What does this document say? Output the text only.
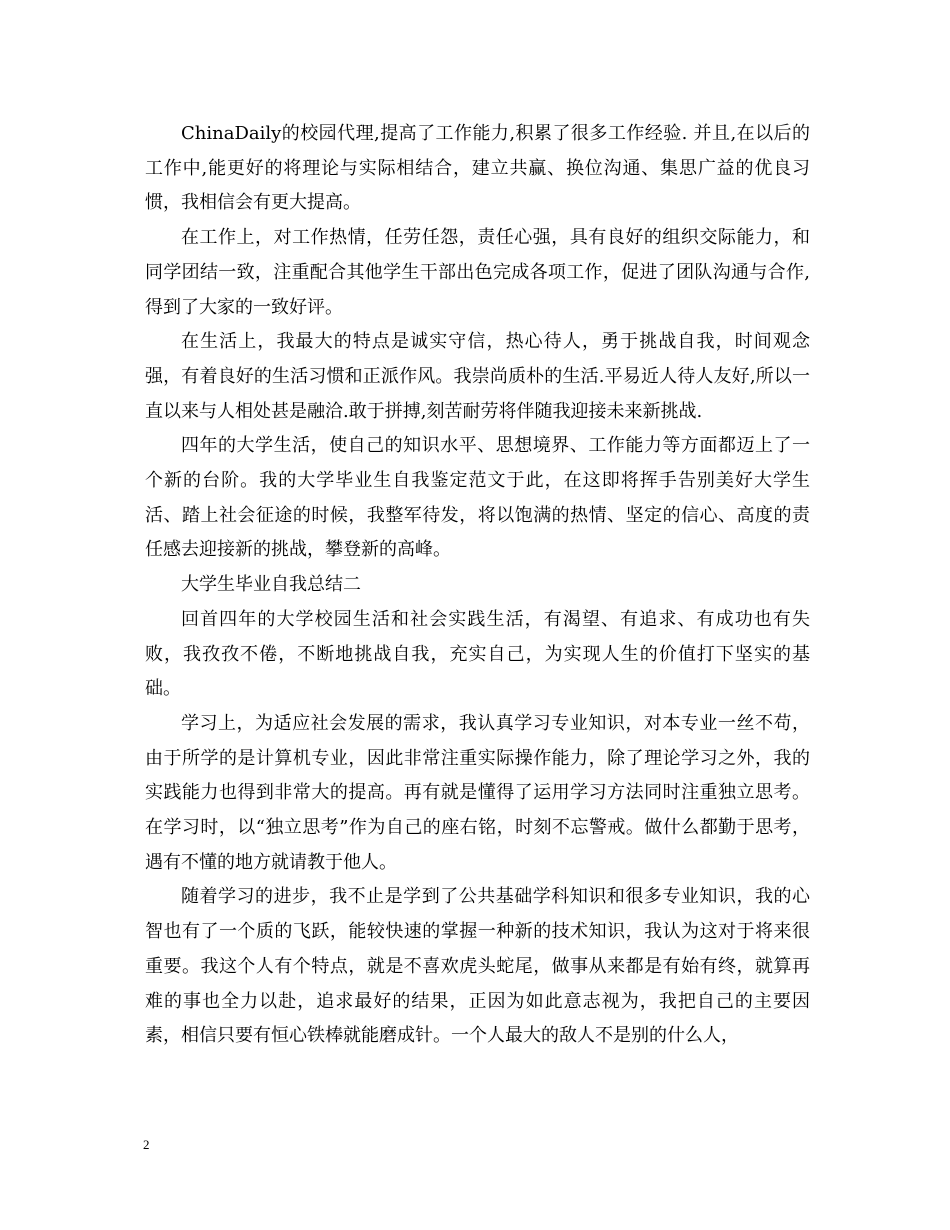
ChinaDaily的校园代理,提高了工作能力,积累了很多工作经验. 并且,在以后的工作中,能更好的将理论与实际相结合，建立共赢、换位沟通、集思广益的优良习惯，我相信会有更大提高。

在工作上，对工作热情，任劳任怨，责任心强，具有良好的组织交际能力，和同学团结一致，注重配合其他学生干部出色完成各项工作，促进了团队沟通与合作,得到了大家的一致好评。

在生活上，我最大的特点是诚实守信，热心待人，勇于挑战自我，时间观念强，有着良好的生活习惯和正派作风。我崇尚质朴的生活.平易近人待人友好,所以一直以来与人相处甚是融洽.敢于拼搏,刻苦耐劳将伴随我迎接未来新挑战.

四年的大学生活，使自己的知识水平、思想境界、工作能力等方面都迈上了一个新的台阶。我的大学毕业生自我鉴定范文于此，在这即将挥手告别美好大学生活、踏上社会征途的时候，我整军待发，将以饱满的热情、坚定的信心、高度的责任感去迎接新的挑战，攀登新的高峰。

大学生毕业自我总结二

回首四年的大学校园生活和社会实践生活，有渴望、有追求、有成功也有失败，我孜孜不倦，不断地挑战自我，充实自己，为实现人生的价值打下坚实的基础。

学习上，为适应社会发展的需求，我认真学习专业知识，对本专业一丝不苟，由于所学的是计算机专业，因此非常注重实际操作能力，除了理论学习之外，我的实践能力也得到非常大的提高。再有就是懂得了运用学习方法同时注重独立思考。在学习时，以“独立思考”作为自己的座右铭，时刻不忘警戒。做什么都勤于思考，遇有不懂的地方就请教于他人。

随着学习的进步，我不止是学到了公共基础学科知识和很多专业知识，我的心智也有了一个质的飞跃，能较快速的掌握一种新的技术知识，我认为这对于将来很重要。我这个人有个特点，就是不喜欢虎头蛇尾，做事从来都是有始有终，就算再难的事也全力以赴，追求最好的结果，正因为如此意志视为，我把自己的主要因素，相信只要有恒心铁棒就能磨成针。一个人最大的敌人不是别的什么人，

2
